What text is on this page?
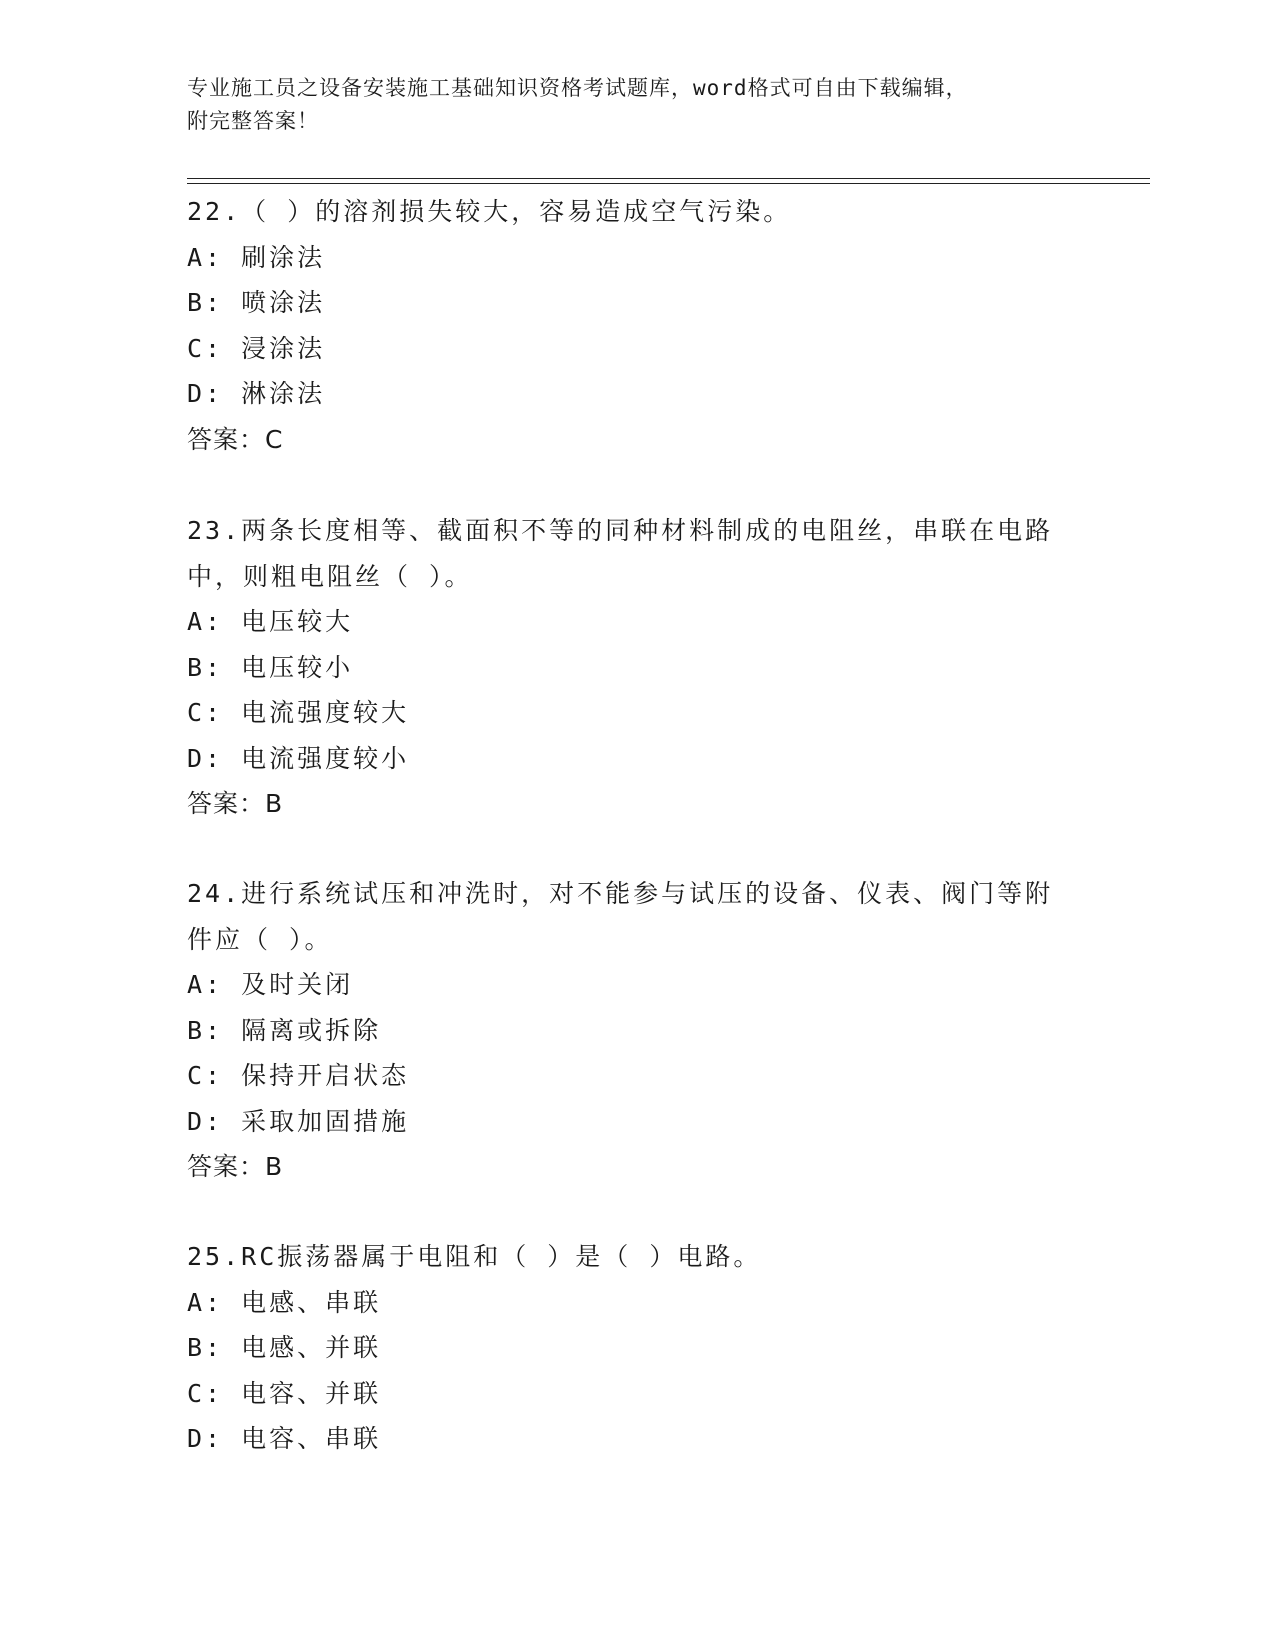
专业施工员之设备安装施工基础知识资格考试题库，word格式可自由下载编辑，
附完整答案！
22.（ ）的溶剂损失较大，容易造成空气污染。
A: 刷涂法
B: 喷涂法
C: 浸涂法
D: 淋涂法
答案：C
23.两条长度相等、截面积不等的同种材料制成的电阻丝，串联在电路
中，则粗电阻丝（ ）。
A: 电压较大
B: 电压较小
C: 电流强度较大
D: 电流强度较小
答案：B
24.进行系统试压和冲洗时，对不能参与试压的设备、仪表、阀门等附
件应（ ）。
A: 及时关闭
B: 隔离或拆除
C: 保持开启状态
D: 采取加固措施
答案：B
25.RC振荡器属于电阻和（ ）是（ ）电路。
A: 电感、串联
B: 电感、并联
C: 电容、并联
D: 电容、串联
